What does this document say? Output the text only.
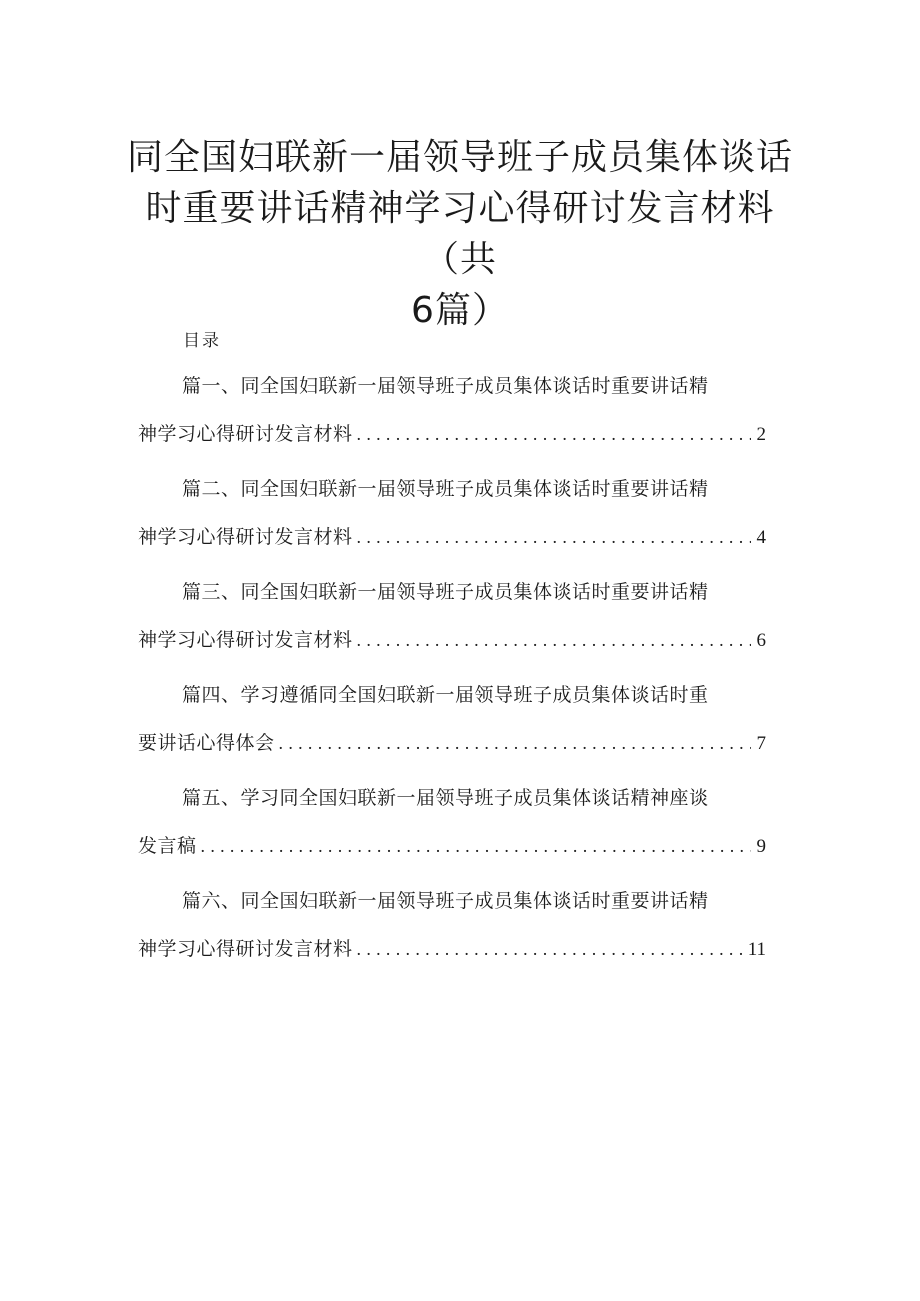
同全国妇联新一届领导班子成员集体谈话
时重要讲话精神学习心得研讨发言材料（共
6篇）
目录
篇一、同全国妇联新一届领导班子成员集体谈话时重要讲话精
神学习心得研讨发言材料 .....	2
篇二、同全国妇联新一届领导班子成员集体谈话时重要讲话精
神学习心得研讨发言材料 .....	4
篇三、同全国妇联新一届领导班子成员集体谈话时重要讲话精
神学习心得研讨发言材料 .....	6
篇四、学习遵循同全国妇联新一届领导班子成员集体谈话时重
要讲话心得体会 .....	7
篇五、学习同全国妇联新一届领导班子成员集体谈话精神座谈
发言稿 .....	9
篇六、同全国妇联新一届领导班子成员集体谈话时重要讲话精
神学习心得研讨发言材料 .....	11
